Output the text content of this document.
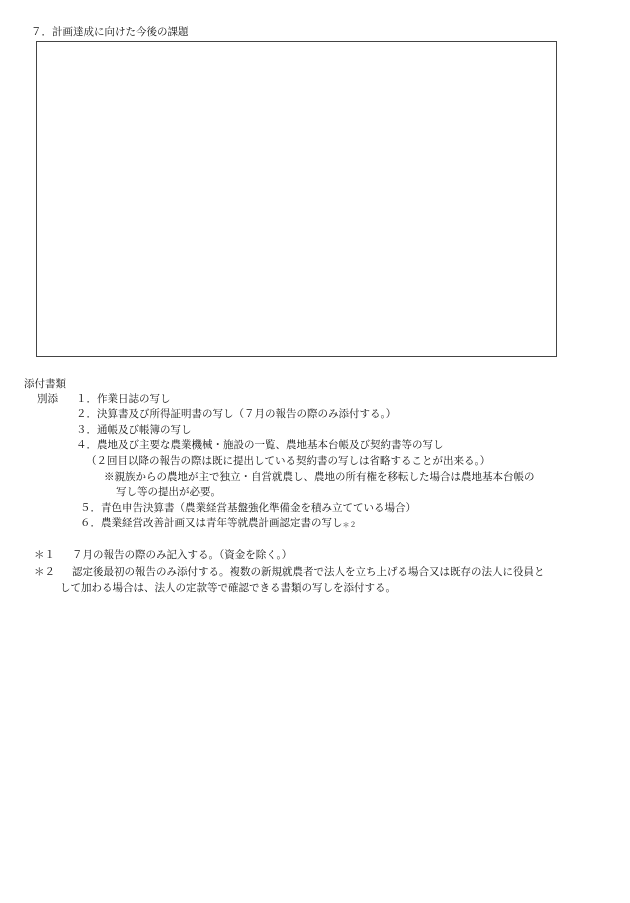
７．計画達成に向けた今後の課題
添付書類
別添 １．作業日誌の写し
２．決算書及び所得証明書の写し（７月の報告の際のみ添付する。）
３．通帳及び帳簿の写し
４．農地及び主要な農業機械・施設の一覧、農地基本台帳及び契約書等の写し
（２回目以降の報告の際は既に提出している契約書の写しは省略することが出来る。）
※親族からの農地が主で独立・自営就農し、農地の所有権を移転した場合は農地基本台帳の
写し等の提出が必要。
５．青色申告決算書（農業経営基盤強化準備金を積み立てている場合）
６．農業経営改善計画又は青年等就農計画認定書の写し＊２
＊１ ７月の報告の際のみ記入する。（資金を除く。）
＊２ 認定後最初の報告のみ添付する。複数の新規就農者で法人を立ち上げる場合又は既存の法人に役員と
して加わる場合は、法人の定款等で確認できる書類の写しを添付する。
